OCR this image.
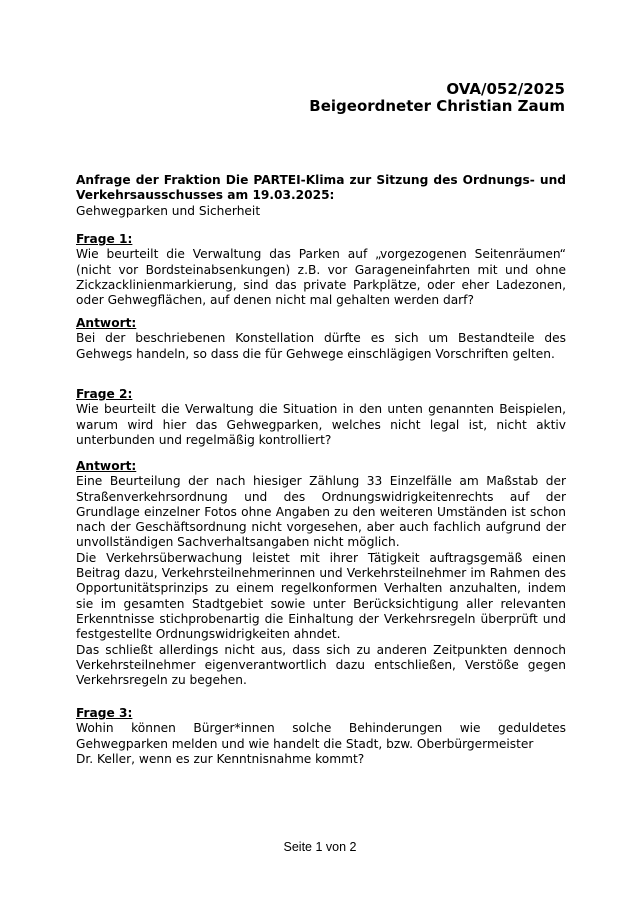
OVA/052/2025
Beigeordneter Christian Zaum
Anfrage der Fraktion Die PARTEI-Klima zur Sitzung des Ordnungs- und Verkehrsausschusses am 19.03.2025:
Gehwegparken und Sicherheit
Frage 1:
Wie beurteilt die Verwaltung das Parken auf „vorgezogenen Seitenräumen“ (nicht vor Bordsteinabsenkungen) z.B. vor Garageneinfahrten mit und ohne Zickzacklinienmarkierung, sind das private Parkplätze, oder eher Ladezonen, oder Gehwegflächen, auf denen nicht mal gehalten werden darf?
Antwort:
Bei der beschriebenen Konstellation dürfte es sich um Bestandteile des Gehwegs handeln, so dass die für Gehwege einschlägigen Vorschriften gelten.
Frage 2:
Wie beurteilt die Verwaltung die Situation in den unten genannten Beispielen, warum wird hier das Gehwegparken, welches nicht legal ist, nicht aktiv unterbunden und regelmäßig kontrolliert?
Antwort:
Eine Beurteilung der nach hiesiger Zählung 33 Einzelfälle am Maßstab der Straßenverkehrsordnung und des Ordnungswidrigkeitenrechts auf der Grundlage einzelner Fotos ohne Angaben zu den weiteren Umständen ist schon nach der Geschäftsordnung nicht vorgesehen, aber auch fachlich aufgrund der unvollständigen Sachverhaltsangaben nicht möglich.
Die Verkehrsüberwachung leistet mit ihrer Tätigkeit auftragsgemäß einen Beitrag dazu, Verkehrsteilnehmerinnen und Verkehrsteilnehmer im Rahmen des Opportunitätsprinzips zu einem regelkonformen Verhalten anzuhalten, indem sie im gesamten Stadtgebiet sowie unter Berücksichtigung aller relevanten Erkenntnisse stichprobenartig die Einhaltung der Verkehrsregeln überprüft und festgestellte Ordnungswidrigkeiten ahndet.
Das schließt allerdings nicht aus, dass sich zu anderen Zeitpunkten dennoch Verkehrsteilnehmer eigenverantwortlich dazu entschließen, Verstöße gegen Verkehrsregeln zu begehen.
Frage 3:
Wohin können Bürger*innen solche Behinderungen wie geduldetes Gehwegparken melden und wie handelt die Stadt, bzw. Oberbürgermeister
Dr. Keller, wenn es zur Kenntnisnahme kommt?
Seite 1 von 2
